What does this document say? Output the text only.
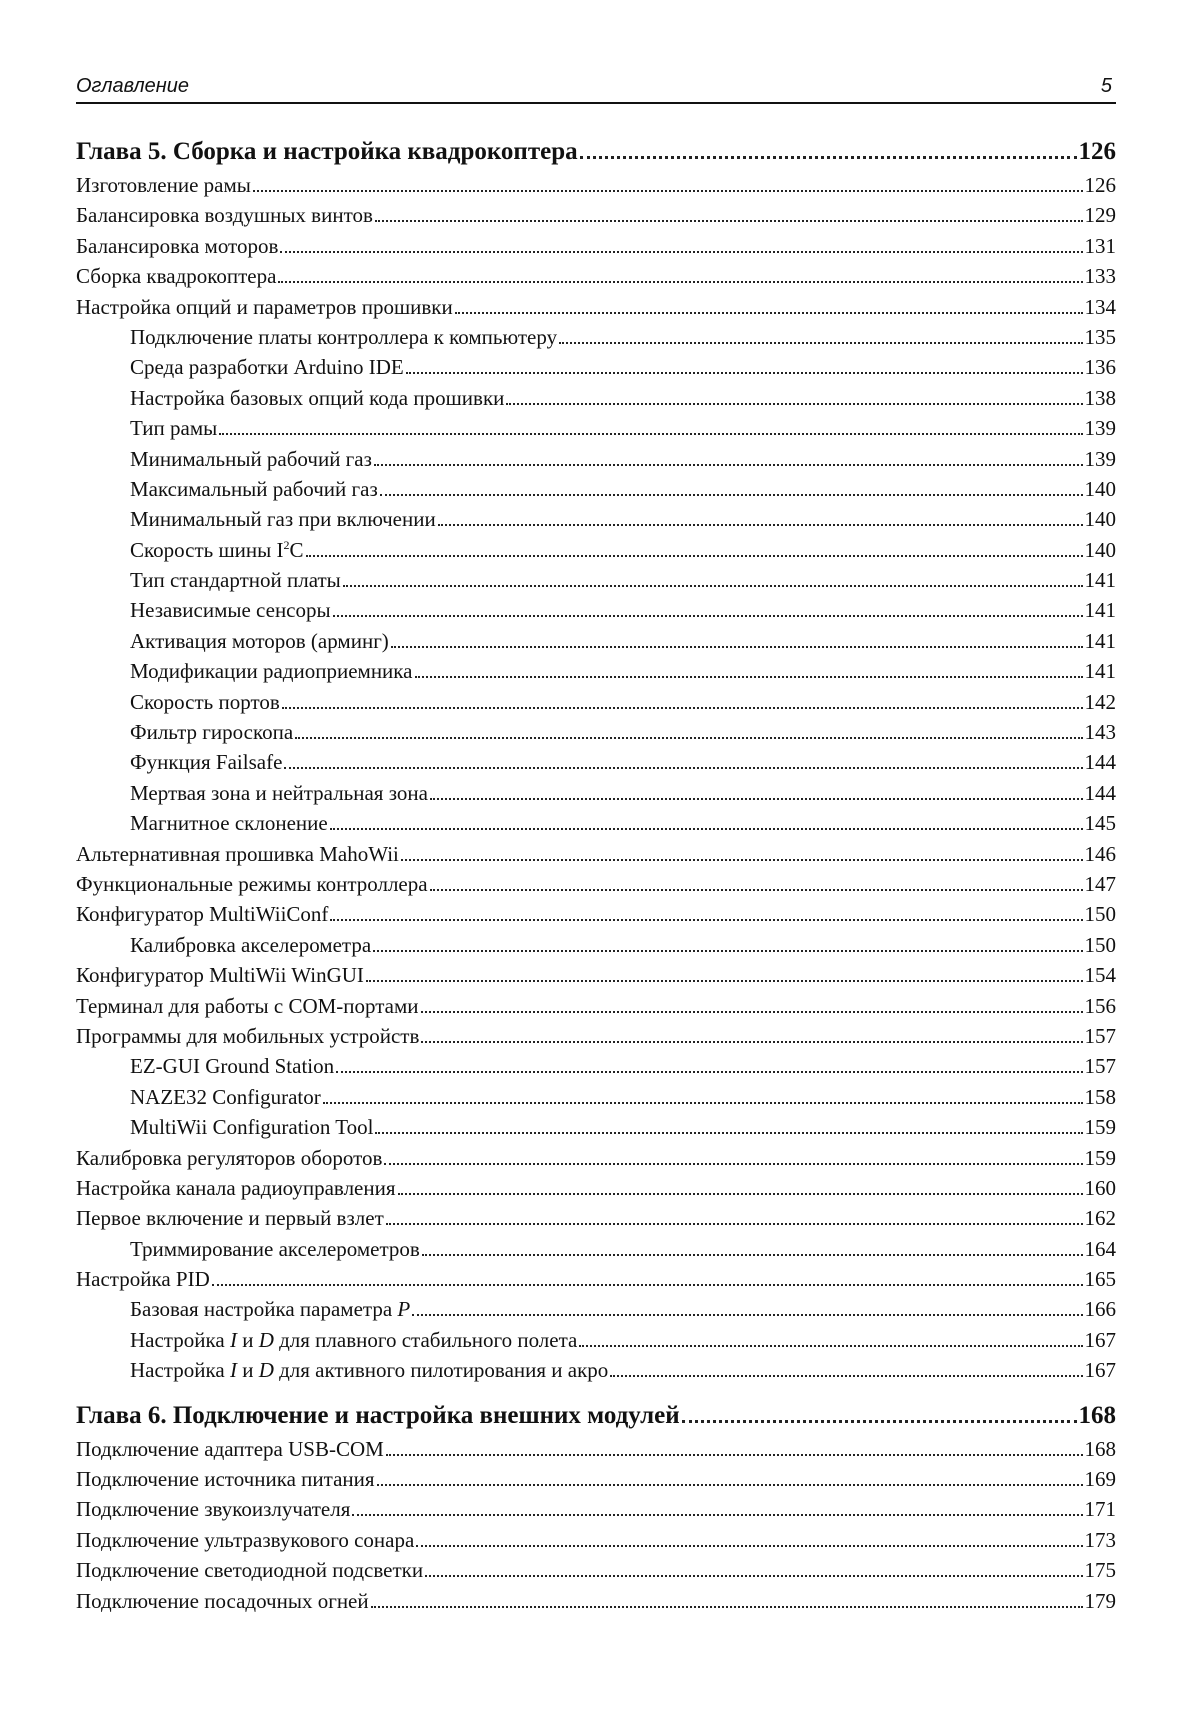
Оглавление	5
Глава 5. Сборка и настройка квадрокоптера	126
Изготовление рамы	126
Балансировка воздушных винтов	129
Балансировка моторов	131
Сборка квадрокоптера	133
Настройка опций и параметров прошивки	134
Подключение платы контроллера к компьютеру	135
Среда разработки Arduino IDE	136
Настройка базовых опций кода прошивки	138
Тип рамы	139
Минимальный рабочий газ	139
Максимальный рабочий газ	140
Минимальный газ при включении	140
Скорость шины $I^2C$	140
Тип стандартной платы	141
Независимые сенсоры	141
Активация моторов (арминг)	141
Модификации радиоприемника	141
Скорость портов	142
Фильтр гироскопа	143
Функция Failsafe	144
Мертвая зона и нейтральная зона	144
Магнитное склонение	145
Альтернативная прошивка MahoWii	146
Функциональные режимы контроллера	147
Конфигуратор MultiWiiConf	150
Калибровка акселерометра	150
Конфигуратор MultiWii WinGUI	154
Терминал для работы с COM-портами	156
Программы для мобильных устройств	157
EZ-GUI Ground Station	157
NAZE32 Configurator	158
MultiWii Configuration Tool	159
Калибровка регуляторов оборотов	159
Настройка канала радиоуправления	160
Первое включение и первый взлет	162
Триммирование акселерометров	164
Настройка PID	165
Базовая настройка параметра P	166
Настройка I и D для плавного стабильного полета	167
Настройка I и D для активного пилотирования и акро	167
Глава 6. Подключение и настройка внешних модулей	168
Подключение адаптера USB-COM	168
Подключение источника питания	169
Подключение звукоизлучателя	171
Подключение ультразвукового сонара	173
Подключение светодиодной подсветки	175
Подключение посадочных огней	179
